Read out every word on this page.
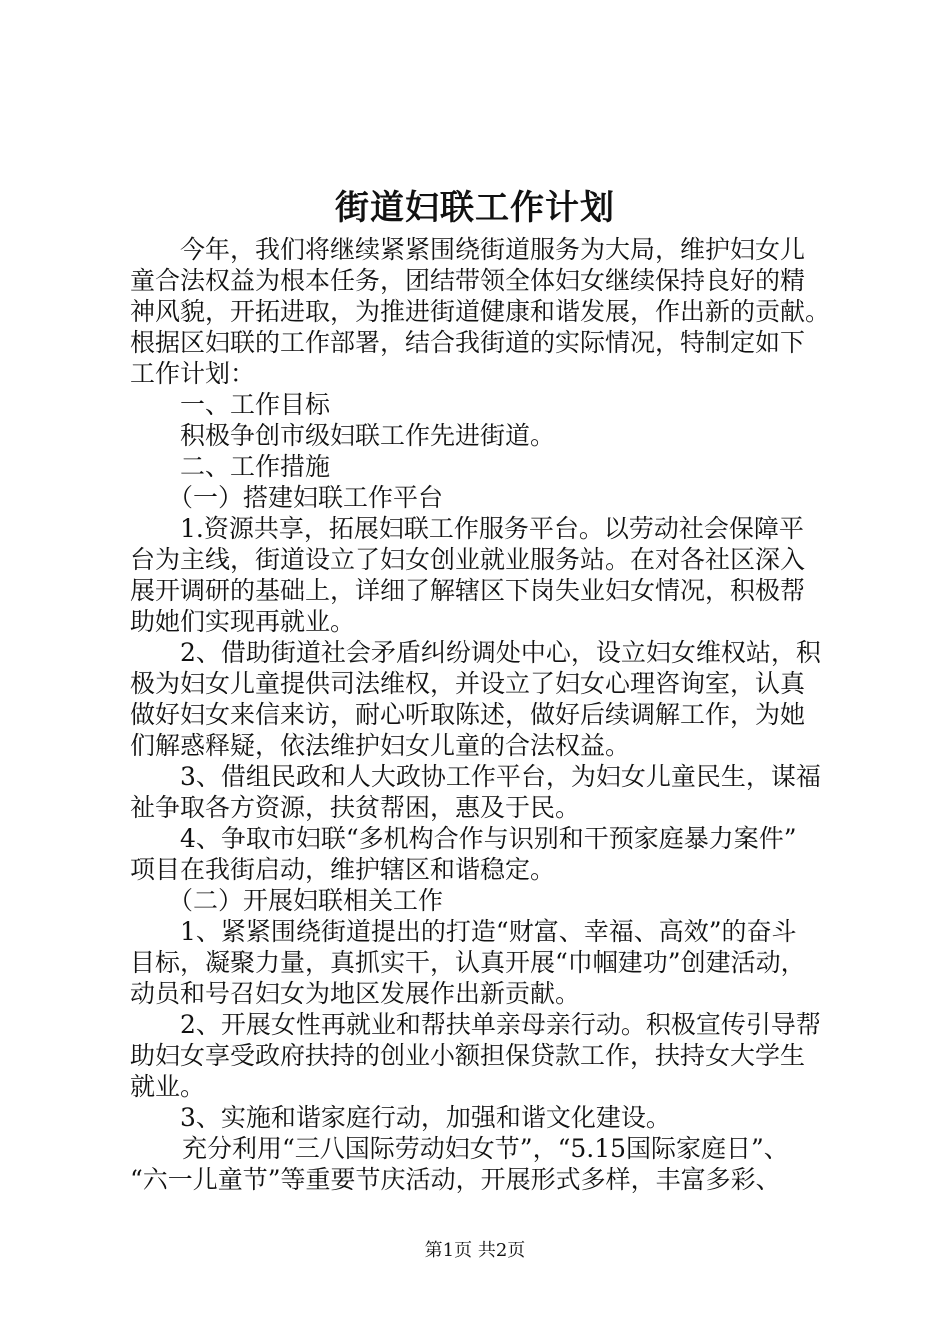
街道妇联工作计划

今年，我们将继续紧紧围绕街道服务为大局，维护妇女儿

童合法权益为根本任务，团结带领全体妇女继续保持良好的精

神风貌，开拓进取，为推进街道健康和谐发展，作出新的贡献。

根据区妇联的工作部署，结合我街道的实际情况，特制定如下

工作计划：

一、工作目标

积极争创市级妇联工作先进街道。

二、工作措施

（一）搭建妇联工作平台

1.资源共享，拓展妇联工作服务平台。以劳动社会保障平

台为主线，街道设立了妇女创业就业服务站。在对各社区深入

展开调研的基础上，详细了解辖区下岗失业妇女情况，积极帮

助她们实现再就业。

2、借助街道社会矛盾纠纷调处中心，设立妇女维权站，积

极为妇女儿童提供司法维权，并设立了妇女心理咨询室，认真

做好妇女来信来访，耐心听取陈述，做好后续调解工作，为她

们解惑释疑，依法维护妇女儿童的合法权益。

3、借组民政和人大政协工作平台，为妇女儿童民生，谋福

祉争取各方资源，扶贫帮困，惠及于民。

4、争取市妇联“多机构合作与识别和干预家庭暴力案件”

项目在我街启动，维护辖区和谐稳定。

（二）开展妇联相关工作

1、紧紧围绕街道提出的打造“财富、幸福、高效”的奋斗

目标，凝聚力量，真抓实干，认真开展“巾帼建功”创建活动，

动员和号召妇女为地区发展作出新贡献。

2、开展女性再就业和帮扶单亲母亲行动。积极宣传引导帮

助妇女享受政府扶持的创业小额担保贷款工作，扶持女大学生

就业。

3、实施和谐家庭行动，加强和谐文化建设。

充分利用“三八国际劳动妇女节”，“5.15国际家庭日”、

“六一儿童节”等重要节庆活动，开展形式多样，丰富多彩、

第1页 共2页
